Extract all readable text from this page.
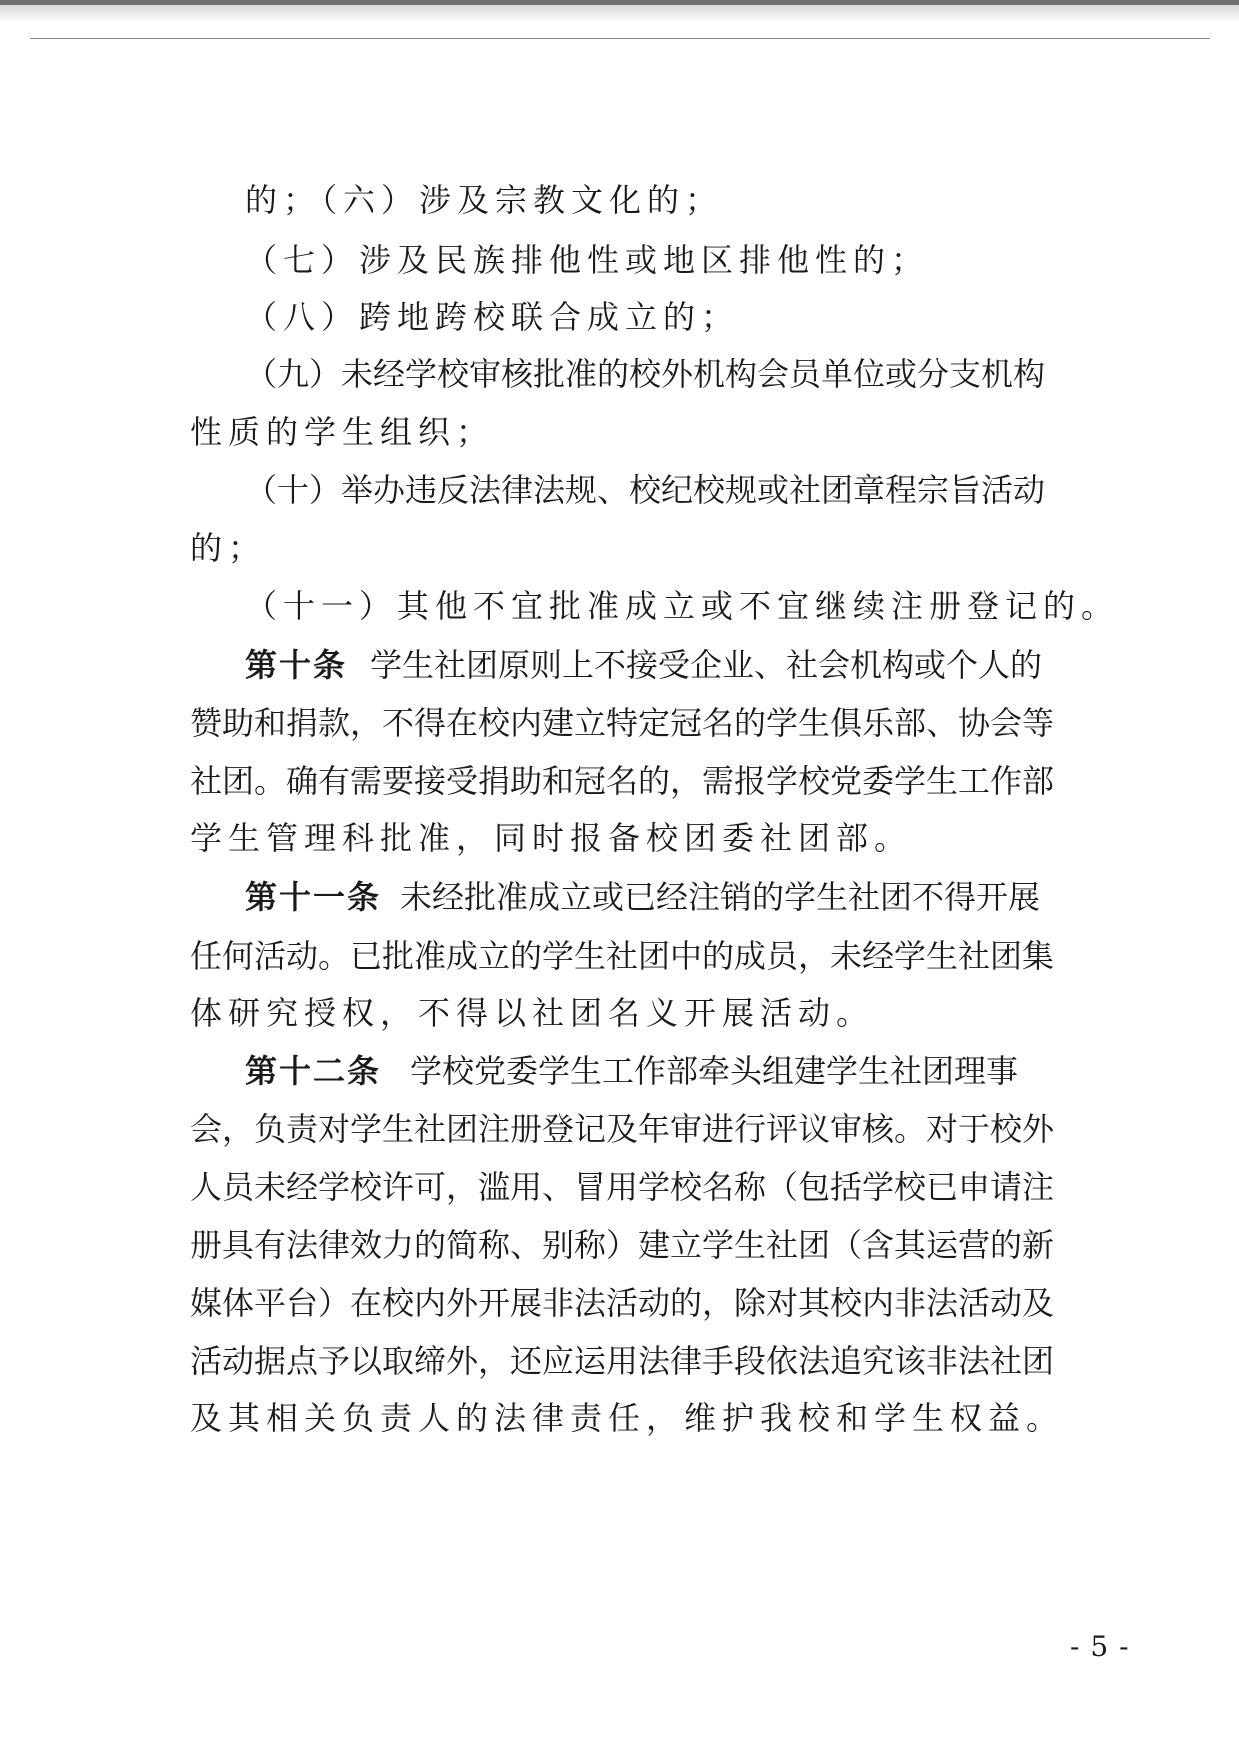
的；（六）涉及宗教文化的；

（七）涉及民族排他性或地区排他性的；

（八）跨地跨校联合成立的；

（九）未经学校审核批准的校外机构会员单位或分支机构

性质的学生组织；

（十）举办违反法律法规、校纪校规或社团章程宗旨活动

的；

（十一）其他不宜批准成立或不宜继续注册登记的。

第十条 学生社团原则上不接受企业、社会机构或个人的

赞助和捐款，不得在校内建立特定冠名的学生俱乐部、协会等

社团。确有需要接受捐助和冠名的，需报学校党委学生工作部

学生管理科批准，同时报备校团委社团部。

第十一条 未经批准成立或已经注销的学生社团不得开展

任何活动。已批准成立的学生社团中的成员，未经学生社团集

体研究授权，不得以社团名义开展活动。

第十二条 学校党委学生工作部牵头组建学生社团理事

会，负责对学生社团注册登记及年审进行评议审核。对于校外

人员未经学校许可，滥用、冒用学校名称（包括学校已申请注

册具有法律效力的简称、别称）建立学生社团（含其运营的新

媒体平台）在校内外开展非法活动的，除对其校内非法活动及

活动据点予以取缔外，还应运用法律手段依法追究该非法社团

及其相关负责人的法律责任，维护我校和学生权益。

- 5 -
